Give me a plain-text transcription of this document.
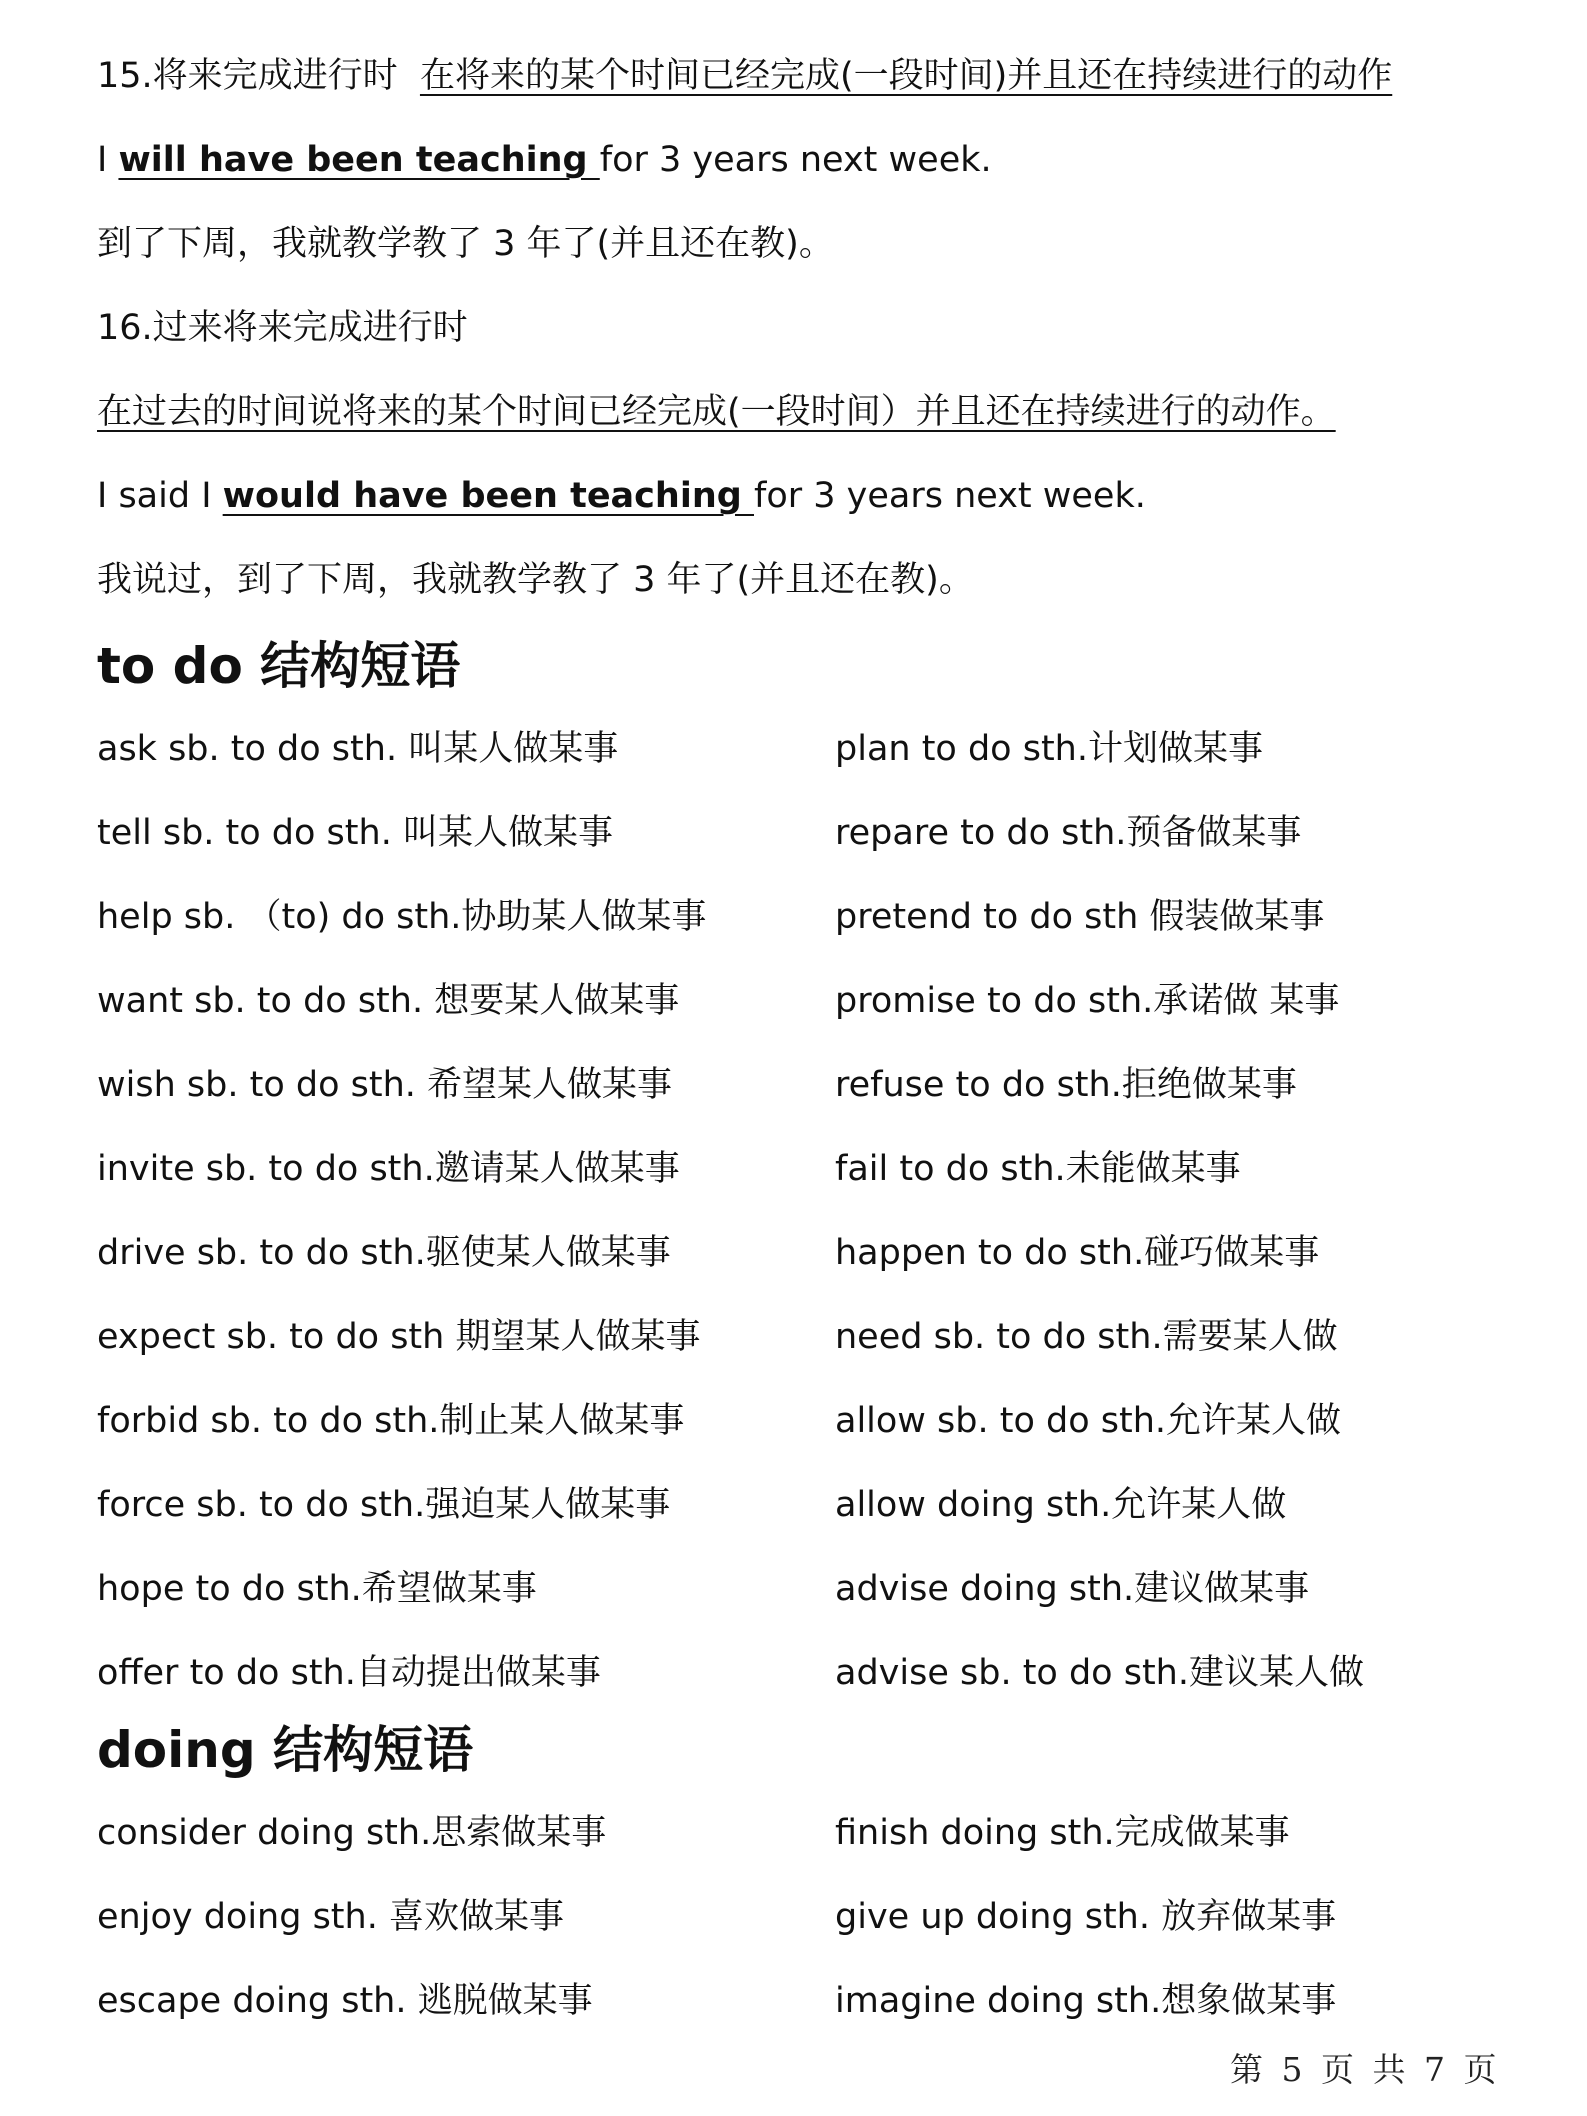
15.将来完成进行时 在将来的某个时间已经完成(一段时间)并且还在持续进行的动作
I will have been teaching for 3 years next week.
到了下周，我就教学教了 3 年了(并且还在教)。
16.过来将来完成进行时
在过去的时间说将来的某个时间已经完成(一段时间）并且还在持续进行的动作。
I said I would have been teaching for 3 years next week.
我说过，到了下周，我就教学教了 3 年了(并且还在教)。
to do 结构短语
ask sb. to do sth. 叫某人做某事	plan to do sth.计划做某事
tell sb. to do sth. 叫某人做某事	repare to do sth.预备做某事
help sb. （to) do sth.协助某人做某事	pretend to do sth 假装做某事
want sb. to do sth. 想要某人做某事	promise to do sth.承诺做 某事
wish sb. to do sth. 希望某人做某事	refuse to do sth.拒绝做某事
invite sb. to do sth.邀请某人做某事	fail to do sth.未能做某事
drive sb. to do sth.驱使某人做某事	happen to do sth.碰巧做某事
expect sb. to do sth 期望某人做某事	need sb. to do sth.需要某人做
forbid sb. to do sth.制止某人做某事	allow sb. to do sth.允许某人做
force sb. to do sth.强迫某人做某事	allow doing sth.允许某人做
hope to do sth.希望做某事	advise doing sth.建议做某事
offer to do sth.自动提出做某事	advise sb. to do sth.建议某人做
doing 结构短语
consider doing sth.思索做某事	finish doing sth.完成做某事
enjoy doing sth. 喜欢做某事	give up doing sth. 放弃做某事
escape doing sth. 逃脱做某事	imagine doing sth.想象做某事
第 5 页 共 7 页
